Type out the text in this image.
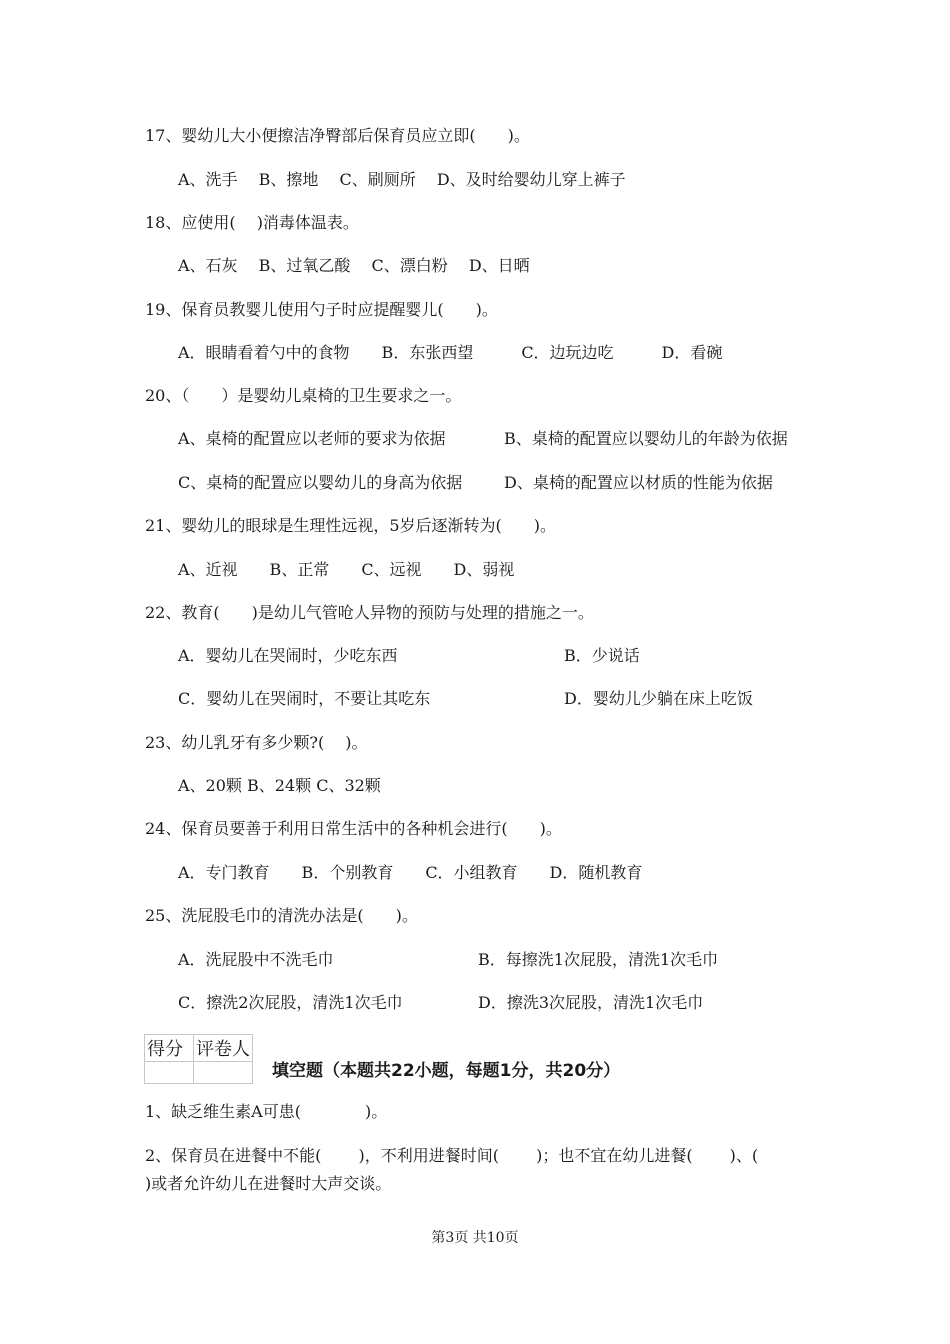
17、婴幼儿大小便擦洁净臀部后保育员应立即(　　)。
A、洗手　 B、擦地　 C、刷厕所　 D、及时给婴幼儿穿上裤子
18、应使用(　 )消毒体温表。
A、石灰　 B、过氧乙酸　 C、漂白粉　 D、日晒
19、保育员教婴儿使用勺子时应提醒婴儿(　　)。
A．眼睛看着勺中的食物　　B．东张西望　　　C．边玩边吃　　　D．看碗
20、（　　）是婴幼儿桌椅的卫生要求之一。
A、桌椅的配置应以老师的要求为依据	B、桌椅的配置应以婴幼儿的年龄为依据
C、桌椅的配置应以婴幼儿的身高为依据	D、桌椅的配置应以材质的性能为依据
21、婴幼儿的眼球是生理性远视，5岁后逐渐转为(　　)。
A、近视　　B、正常　　C、远视　　D、弱视
22、教育(　　)是幼儿气管呛人异物的预防与处理的措施之一。
A．婴幼儿在哭闹时，少吃东西	B．少说话
C．婴幼儿在哭闹时，不要让其吃东	D．婴幼儿少躺在床上吃饭
23、幼儿乳牙有多少颗?(　 )。
A、20颗 B、24颗 C、32颗
24、保育员要善于利用日常生活中的各种机会进行(　　)。
A．专门教育　　B．个别教育　　C．小组教育　　D．随机教育
25、洗屁股毛巾的清洗办法是(　　)。
A．洗屁股中不洗毛巾	B．每擦洗1次屁股，清洗1次毛巾
C．擦洗2次屁股，清洗1次毛巾	D．擦洗3次屁股，清洗1次毛巾
得分	评卷人

填空题（本题共22小题，每题1分，共20分）
1、缺乏维生素A可患(　　　　)。
2、保育员在进餐中不能(　　 )，不利用进餐时间(　　 )；也不宜在幼儿进餐(　　 )、(
)或者允许幼儿在进餐时大声交谈。
第3页 共10页
